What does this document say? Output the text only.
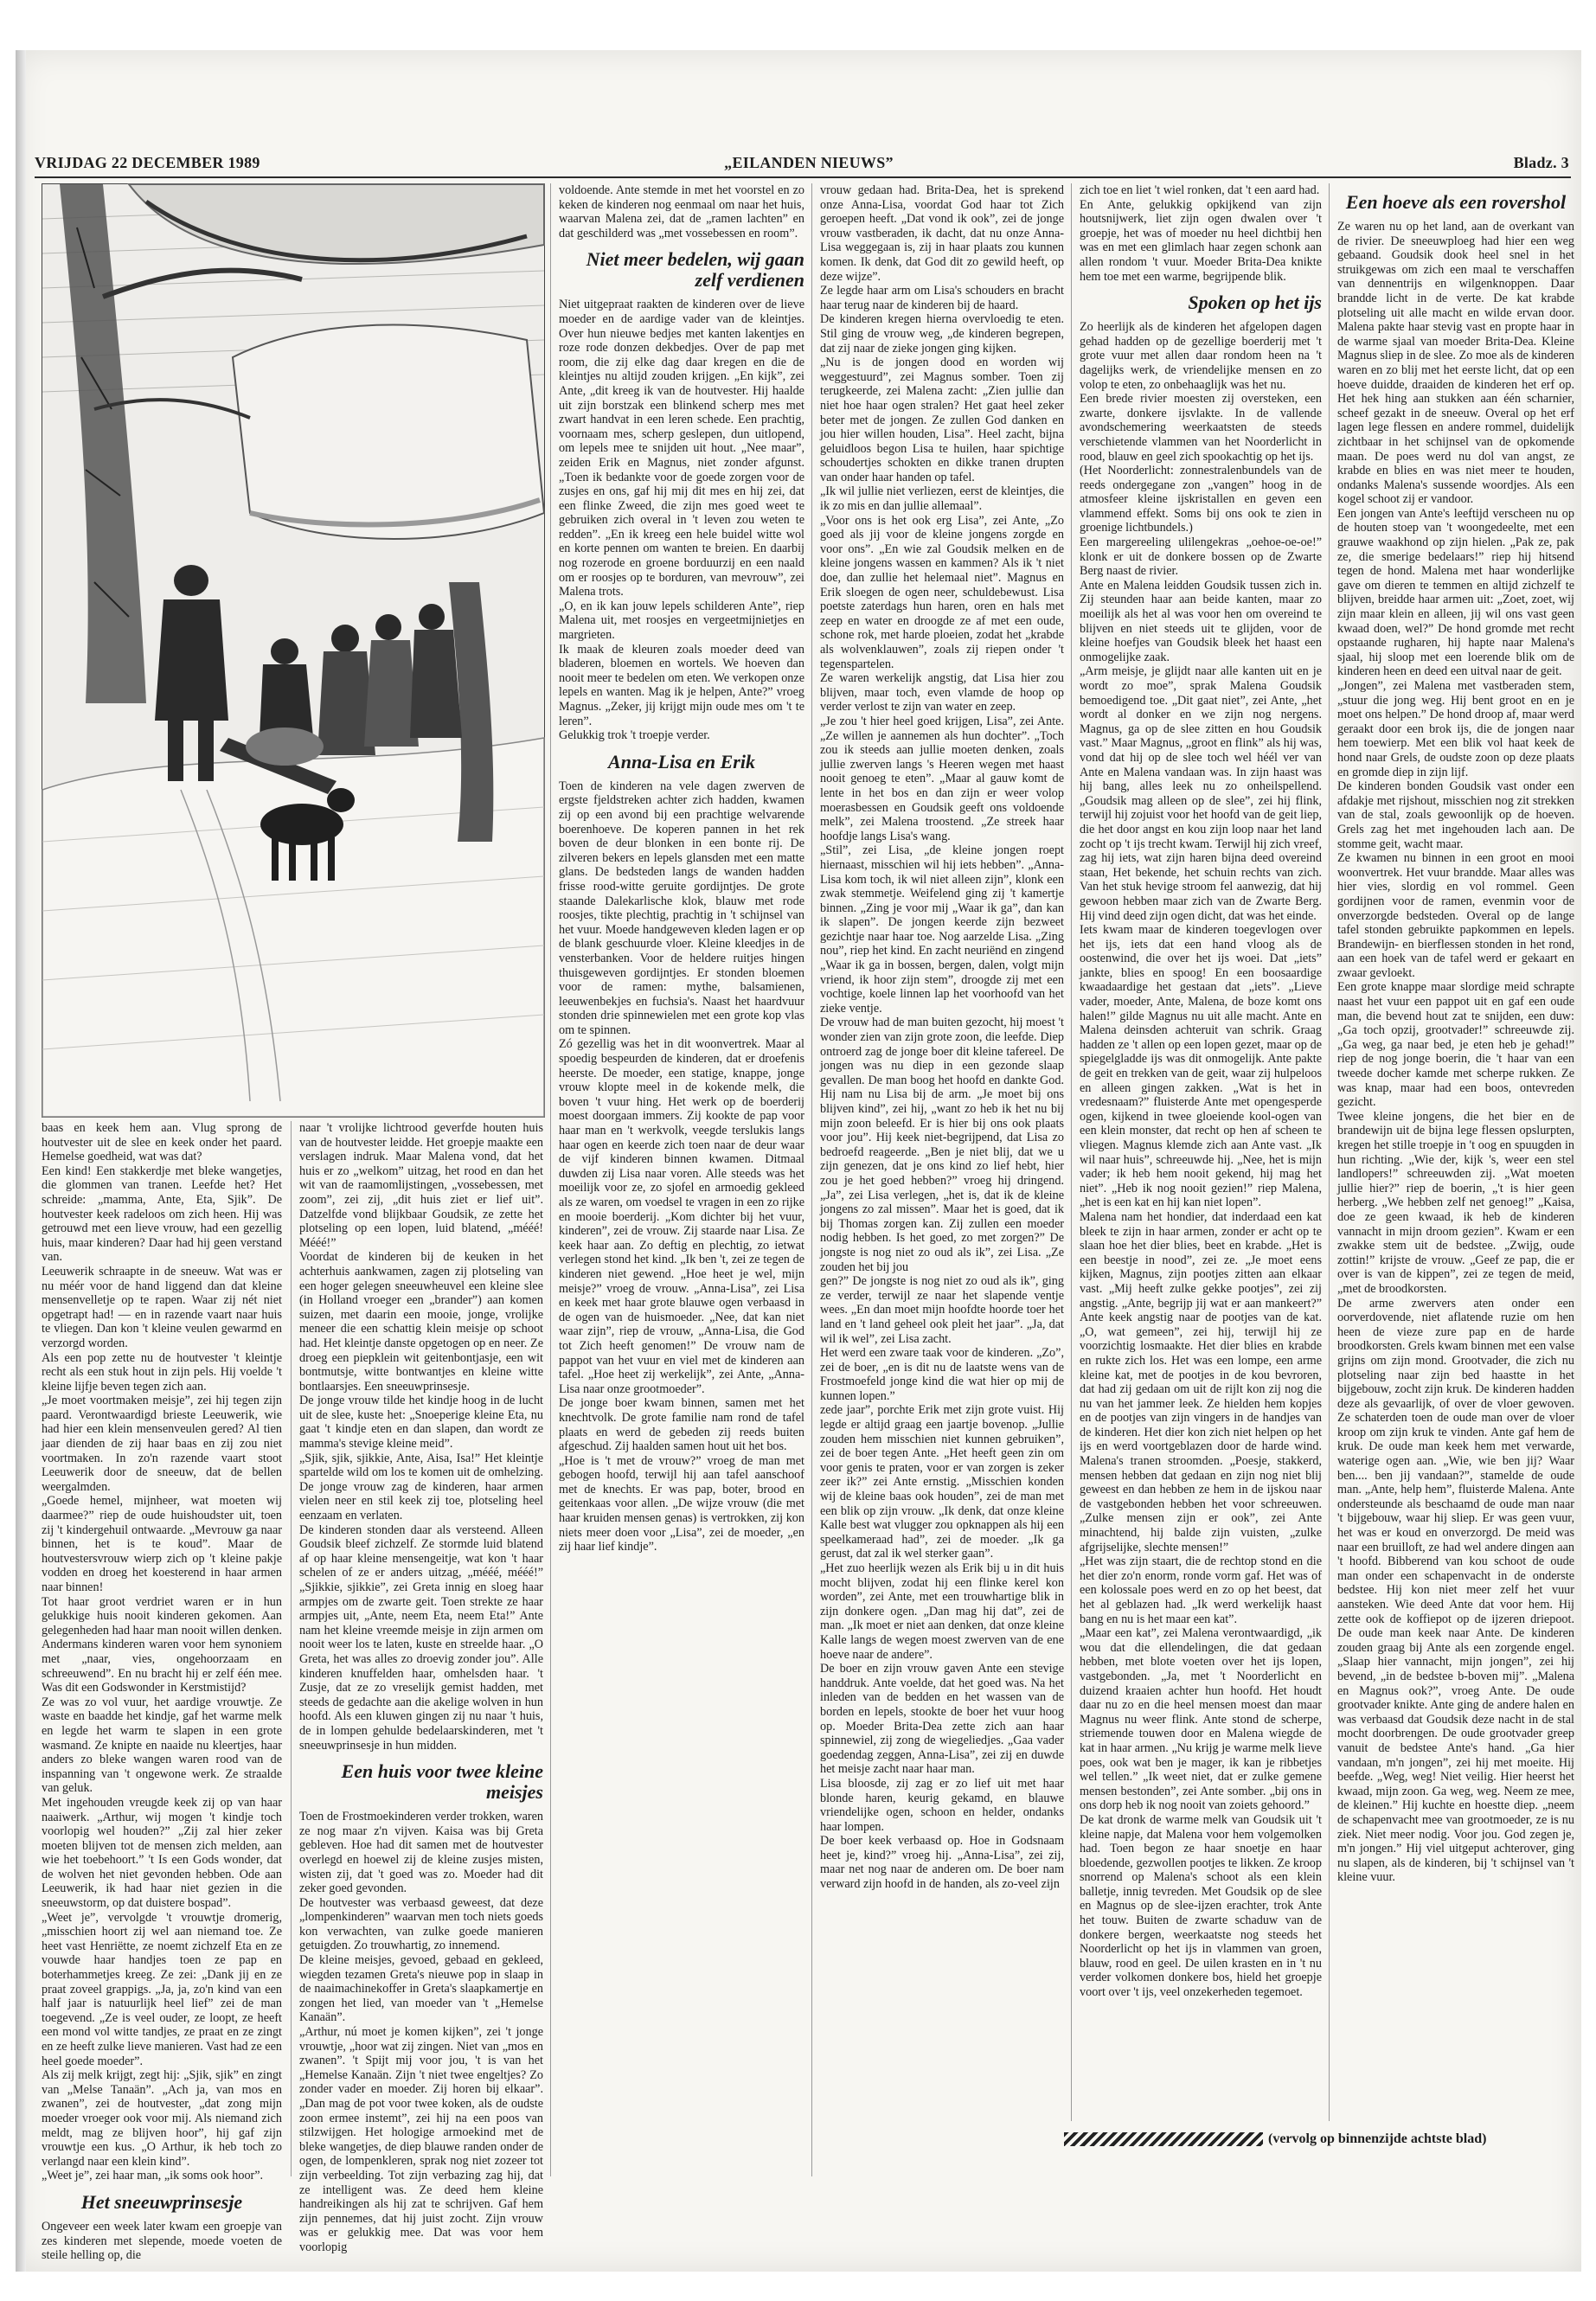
VRIJDAG 22 DECEMBER 1989	„EILANDEN NIEUWS”	Bladz. 3

baas en keek hem aan. Vlug sprong de houtvester uit de slee en keek onder het paard. Hemelse goedheid, wat was dat?

Een kind! Een stakkerdje met bleke wangetjes, die glommen van tranen. Leefde het? Het schreide: „mamma, Ante, Eta, Sjik”. De houtvester keek radeloos om zich heen. Hij was getrouwd met een lieve vrouw, had een gezellig huis, maar kinderen? Daar had hij geen verstand van.

Leeuwerik schraapte in de sneeuw. Wat was er nu méér voor de hand liggend dan dat kleine mensenvelletje op te rapen. Waar zij nét niet opgetrapt had! — en in razende vaart naar huis te vliegen. Dan kon 't kleine veulen gewarmd en verzorgd worden.

Als een pop zette nu de houtvester 't kleintje recht als een stuk hout in zijn pels. Hij voelde 't kleine lijfje beven tegen zich aan.

„Je moet voortmaken meisje”, zei hij tegen zijn paard. Verontwaardigd brieste Leeuwerik, wie had hier een klein mensenveulen gered? Al tien jaar dienden de zij haar baas en zij zou niet voortmaken. In zo'n razende vaart stoot Leeuwerik door de sneeuw, dat de bellen weergalmden.

„Goede hemel, mijnheer, wat moeten wij daarmee?” riep de oude huishoudster uit, toen zij 't kindergehuil ontwaarde. „Mevrouw ga naar binnen, het is te koud”. Maar de houtvestersvrouw wierp zich op 't kleine pakje vodden en droeg het koesterend in haar armen naar binnen!

Tot haar groot verdriet waren er in hun gelukkige huis nooit kinderen gekomen. Aan gelegenheden had haar man nooit willen denken. Andermans kinderen waren voor hem synoniem met „naar, vies, ongehoorzaam en schreeuwend”. En nu bracht hij er zelf één mee. Was dit een Godswonder in Kerstmistijd?

Ze was zo vol vuur, het aardige vrouwtje. Ze waste en baadde het kindje, gaf het warme melk en legde het warm te slapen in een grote wasmand. Ze knipte en naaide nu kleertjes, haar anders zo bleke wangen waren rood van de inspanning van 't ongewone werk. Ze straalde van geluk.

Met ingehouden vreugde keek zij op van haar naaiwerk. „Arthur, wij mogen 't kindje toch voorlopig wel houden?” „Zij zal hier zeker moeten blijven tot de mensen zich melden, aan wie het toebehoort.” 't Is een Gods wonder, dat de wolven het niet gevonden hebben. Ode aan Leeuwerik, ik had haar niet gezien in die sneeuwstorm, op dat duistere bospad”.

„Weet je”, vervolgde 't vrouwtje dromerig, „misschien hoort zij wel aan niemand toe. Ze heet vast Henriëtte, ze noemt zichzelf Eta en ze vouwde haar handjes toen ze pap en boterhammetjes kreeg. Ze zei: „Dank jij en ze praat zoveel grappigs. „Ja, ja, zo'n kind van een half jaar is natuurlijk heel lief” zei de man toegevend. „Ze is veel ouder, ze loopt, ze heeft een mond vol witte tandjes, ze praat en ze zingt en ze heeft zulke lieve manieren. Vast had ze een heel goede moeder”.

Als zij melk krijgt, zegt hij: „Sjik, sjik” en zingt van „Melse Tanaän”. „Ach ja, van mos en zwanen”, zei de houtvester, „dat zong mijn moeder vroeger ook voor mij. Als niemand zich meldt, mag ze blijven hoor”, hij gaf zijn vrouwtje een kus. „O Arthur, ik heb toch zo verlangd naar een klein kind”.

„Weet je”, zei haar man, „ik soms ook hoor”.

Het sneeuwprinsesje

Ongeveer een week later kwam een groepje van zes kinderen met slepende, moede voeten de steile helling op, die

naar 't vrolijke lichtrood geverfde houten huis van de houtvester leidde. Het groepje maakte een verslagen indruk. Maar Malena vond, dat het huis er zo „welkom” uitzag, het rood en dan het wit van de raamomlijstingen, „vossebessen, met zoom”, zei zij, „dit huis ziet er lief uit”. Datzelfde vond blijkbaar Goudsik, ze zette het plotseling op een lopen, luid blatend, „mééé! Mééé!”

Voordat de kinderen bij de keuken in het achterhuis aankwamen, zagen zij plotseling van een hoger gelegen sneeuwheuvel een kleine slee (in Holland vroeger een „brander”) aan komen suizen, met daarin een mooie, jonge, vrolijke meneer die een schattig klein meisje op schoot had. Het kleintje danste opgetogen op en neer. Ze droeg een piepklein wit geitenbontjasje, een wit bontmutsje, witte bontwantjes en kleine witte bontlaarsjes. Een sneeuwprinsesje.

De jonge vrouw tilde het kindje hoog in de lucht uit de slee, kuste het: „Snoeperige kleine Eta, nu gaat 't kindje eten en dan slapen, dan wordt ze mamma's stevige kleine meid”.

„Sjik, sjik, sjikkie, Ante, Aisa, Isa!” Het kleintje spartelde wild om los te komen uit de omhelzing. De jonge vrouw zag de kinderen, haar armen vielen neer en stil keek zij toe, plotseling heel eenzaam en verlaten.

De kinderen stonden daar als versteend. Alleen Goudsik bleef zichzelf. Ze stormde luid blatend af op haar kleine mensengeitje, wat kon 't haar schelen of ze er anders uitzag, „mééé, mééé!” „Sjikkie, sjikkie”, zei Greta innig en sloeg haar armpjes om de zwarte geit. Toen strekte ze haar armpjes uit, „Ante, neem Eta, neem Eta!” Ante nam het kleine vreemde meisje in zijn armen om nooit weer los te laten, kuste en streelde haar. „O Greta, het was alles zo droevig zonder jou”. Alle kinderen knuffelden haar, omhelsden haar. 't Zusje, dat ze zo vreselijk gemist hadden, met steeds de gedachte aan die akelige wolven in hun hoofd. Als een kluwen gingen zij nu naar 't huis, de in lompen gehulde bedelaarskinderen, met 't sneeuwprinsesje in hun midden.

Een huis voor twee kleine meisjes

Toen de Frostmoekinderen verder trokken, waren ze nog maar z'n vijven. Kaisa was bij Greta gebleven. Hoe had dit samen met de houtvester overlegd en hoewel zij de kleine zusjes misten, wisten zij, dat 't goed was zo. Moeder had dit zeker goed gevonden.

De houtvester was verbaasd geweest, dat deze „lompenkinderen” waarvan men toch niets goeds kon verwachten, van zulke goede manieren getuigden. Zo trouwhartig, zo innemend.

De kleine meisjes, gevoed, gebaad en gekleed, wiegden tezamen Greta's nieuwe pop in slaap in de naaimachinekoffer in Greta's slaapkamertje en zongen het lied, van moeder van 't „Hemelse Kanaän”.

„Arthur, nú moet je komen kijken”, zei 't jonge vrouwtje, „hoor wat zij zingen. Niet van „mos en zwanen”. 't Spijt mij voor jou, 't is van het „Hemelse Kanaän. Zijn 't niet twee engeltjes? Zo zonder vader en moeder. Zij horen bij elkaar”. „Dan mag de pot voor twee koken, als de oudste zoon ermee instemt”, zei hij na een poos van stilzwijgen. Het hologige armoekind met de bleke wangetjes, de diep blauwe randen onder de ogen, de lompenkleren, sprak nog niet zozeer tot zijn verbeelding. Tot zijn verbazing zag hij, dat ze intelligent was. Ze deed hem kleine handreikingen als hij zat te schrijven. Gaf hem zijn pennemes, dat hij juist zocht. Zijn vrouw was er gelukkig mee. Dat was voor hem voorlopig

voldoende. Ante stemde in met het voorstel en zo keken de kinderen nog eenmaal om naar het huis, waarvan Malena zei, dat de „ramen lachten” en dat geschilderd was „met vossebessen en room”.

Niet meer bedelen, wij gaan zelf verdienen

Niet uitgepraat raakten de kinderen over de lieve moeder en de aardige vader van de kleintjes. Over hun nieuwe bedjes met kanten lakentjes en roze rode donzen dekbedjes. Over de pap met room, die zij elke dag daar kregen en die de kleintjes nu altijd zouden krijgen. „En kijk”, zei Ante, „dit kreeg ik van de houtvester. Hij haalde uit zijn borstzak een blinkend scherp mes met zwart handvat in een leren schede. Een prachtig, voornaam mes, scherp geslepen, dun uitlopend, om lepels mee te snijden uit hout. „Nee maar”, zeiden Erik en Magnus, niet zonder afgunst. „Toen ik bedankte voor de goede zorgen voor de zusjes en ons, gaf hij mij dit mes en hij zei, dat een flinke Zweed, die zijn mes goed weet te gebruiken zich overal in 't leven zou weten te redden”. „En ik kreeg een hele buidel witte wol en korte pennen om wanten te breien. En daarbij nog rozerode en groene borduurzij en een naald om er roosjes op te borduren, van mevrouw”, zei Malena trots.

„O, en ik kan jouw lepels schilderen Ante”, riep Malena uit, met roosjes en vergeetmijnietjes en margrieten.

Ik maak de kleuren zoals moeder deed van bladeren, bloemen en wortels. We hoeven dan nooit meer te bedelen om eten. We verkopen onze lepels en wanten. Mag ik je helpen, Ante?” vroeg Magnus. „Zeker, jij krijgt mijn oude mes om 't te leren”.

Gelukkig trok 't troepje verder.

Anna-Lisa en Erik

Toen de kinderen na vele dagen zwerven de ergste fjeldstreken achter zich hadden, kwamen zij op een avond bij een prachtige welvarende boerenhoeve. De koperen pannen in het rek boven de deur blonken in een bonte rij. De zilveren bekers en lepels glansden met een matte glans. De bedsteden langs de wanden hadden frisse rood-witte geruite gordijntjes. De grote staande Dalekarlische klok, blauw met rode roosjes, tikte plechtig, prachtig in 't schijnsel van het vuur. Moede handgeweven kleden lagen er op de blank geschuurde vloer. Kleine kleedjes in de vensterbanken. Voor de heldere ruitjes hingen thuisgeweven gordijntjes. Er stonden bloemen voor de ramen: mythe, balsamienen, leeuwenbekjes en fuchsia's. Naast het haardvuur stonden drie spinnewielen met een grote kop vlas om te spinnen.

Zó gezellig was het in dit woonvertrek. Maar al spoedig bespeurden de kinderen, dat er droefenis heerste. De moeder, een statige, knappe, jonge vrouw klopte meel in de kokende melk, die boven 't vuur hing. Het werk op de boerderij moest doorgaan immers. Zij kookte de pap voor haar man en 't werkvolk, veegde terslukis langs haar ogen en keerde zich toen naar de deur waar de vijf kinderen binnen kwamen. Ditmaal duwden zij Lisa naar voren. Alle steeds was het moeilijk voor ze, zo sjofel en armoedig gekleed als ze waren, om voedsel te vragen in een zo rijke en mooie boerderij. „Kom dichter bij het vuur, kinderen”, zei de vrouw. Zij staarde naar Lisa. Ze keek haar aan. Zo deftig en plechtig, zo ietwat verlegen stond het kind. „Ik ben 't, zei ze tegen de kinderen niet gewend. „Hoe heet je wel, mijn meisje?” vroeg de vrouw. „Anna-Lisa”, zei Lisa en keek met haar grote blauwe ogen verbaasd in de ogen van de huismoeder. „Nee, dat kan niet waar zijn”, riep de vrouw, „Anna-Lisa, die God tot Zich heeft genomen!” De vrouw nam de pappot van het vuur en viel met de kinderen aan tafel. „Hoe heet zij werkelijk”, zei Ante, „Anna-Lisa naar onze grootmoeder”.

De jonge boer kwam binnen, samen met het knechtvolk. De grote familie nam rond de tafel plaats en werd de gebeden zij reeds buiten afgeschud. Zij haalden samen hout uit het bos.

„Hoe is 't met de vrouw?” vroeg de man met gebogen hoofd, terwijl hij aan tafel aanschoof met de knechts. Er was pap, boter, brood en geitenkaas voor allen. „De wijze vrouw (die met haar kruiden mensen genas) is vertrokken, zij kon niets meer doen voor „Lisa”, zei de moeder, „en zij haar lief kindje”.

vrouw gedaan had. Brita-Dea, het is sprekend onze Anna-Lisa, voordat God haar tot Zich geroepen heeft. „Dat vond ik ook”, zei de jonge vrouw vastberaden, ik dacht, dat nu onze Anna-Lisa weggegaan is, zij in haar plaats zou kunnen komen. Ik denk, dat God dit zo gewild heeft, op deze wijze”.

Ze legde haar arm om Lisa's schouders en bracht haar terug naar de kinderen bij de haard.

De kinderen kregen hierna overvloedig te eten. Stil ging de vrouw weg, „de kinderen begrepen, dat zij naar de zieke jongen ging kijken.

„Nu is de jongen dood en worden wij weggestuurd”, zei Magnus somber. Toen zij terugkeerde, zei Malena zacht: „Zien jullie dan niet hoe haar ogen stralen? Het gaat heel zeker beter met de jongen. Ze zullen God danken en jou hier willen houden, Lisa”. Heel zacht, bijna geluidloos begon Lisa te huilen, haar spichtige schoudertjes schokten en dikke tranen drupten van onder haar handen op tafel.

„Ik wil jullie niet verliezen, eerst de kleintjes, die ik zo mis en dan jullie allemaal”.

„Voor ons is het ook erg Lisa”, zei Ante, „Zo goed als jij voor de kleine jongens zorgde en voor ons”. „En wie zal Goudsik melken en de kleine jongens wassen en kammen? Als ik 't niet doe, dan zullie het helemaal niet”. Magnus en Erik sloegen de ogen neer, schuldebewust. Lisa poetste zaterdags hun haren, oren en hals met zeep en water en droogde ze af met een oude, schone rok, met harde ploeien, zodat het „krabde als wolvenklauwen”, zoals zij riepen onder 't tegenspartelen.

Ze waren werkelijk angstig, dat Lisa hier zou blijven, maar toch, even vlamde de hoop op verder verlost te zijn van water en zeep.

„Je zou 't hier heel goed krijgen, Lisa”, zei Ante. „Ze willen je aannemen als hun dochter”. „Toch zou ik steeds aan jullie moeten denken, zoals jullie zwerven langs 's Heeren wegen met haast nooit genoeg te eten”. „Maar al gauw komt de lente in het bos en dan zijn er weer volop moerasbessen en Goudsik geeft ons voldoende melk”, zei Malena troostend. „Ze streek haar hoofdje langs Lisa's wang.

„Stil”, zei Lisa, „de kleine jongen roept hiernaast, misschien wil hij iets hebben”. „Anna-Lisa kom toch, ik wil niet alleen zijn”, klonk een zwak stemmetje. Weifelend ging zij 't kamertje binnen. „Zing je voor mij „Waar ik ga”, dan kan ik slapen”. De jongen keerde zijn bezweet gezichtje naar haar toe. Nog aarzelde Lisa. „Zing nou”, riep het kind. En zacht neuriënd en zingend „Waar ik ga in bossen, bergen, dalen, volgt mijn vriend, ik hoor zijn stem”, droogde zij met een vochtige, koele linnen lap het voorhoofd van het zieke ventje.

De vrouw had de man buiten gezocht, hij moest 't wonder zien van zijn grote zoon, die leefde. Diep ontroerd zag de jonge boer dit kleine tafereel. De jongen was nu diep in een gezonde slaap gevallen. De man boog het hoofd en dankte God. Hij nam nu Lisa bij de arm. „Je moet bij ons blijven kind”, zei hij, „want zo heb ik het nu bij mijn zoon beleefd. Er is hier bij ons ook plaats voor jou”. Hij keek niet-begrijpend, dat Lisa zo bedroefd reageerde. „Ben je niet blij, dat we u zijn genezen, dat je ons kind zo lief hebt, hier zou je het goed hebben?” vroeg hij dringend. „Ja”, zei Lisa verlegen, „het is, dat ik de kleine jongens zo zal missen”. Maar het is goed, dat ik bij Thomas zorgen kan. Zij zullen een moeder nodig hebben. Is het goed, zo met zorgen?” De jongste is nog niet zo oud als ik”, zei Lisa. „Ze zouden het bij jou

gen?” De jongste is nog niet zo oud als ik”, ging ze verder, terwijl ze naar het slapende ventje wees. „En dan moet mijn hoofdte hoorde toer het land en 't land geheel ook pleit het jaar”. „Ja, dat wil ik wel”, zei Lisa zacht.

Het werd een zware taak voor de kinderen. „Zo”, zei de boer, „en is dit nu de laatste wens van de Frostmoefeld jonge kind die wat hier op mij de kunnen lopen.”

zede jaar”, porchte Erik met zijn grote vuist. Hij legde er altijd graag een jaartje bovenop. „Jullie zouden hem misschien niet kunnen gebruiken”, zei de boer tegen Ante. „Het heeft geen zin om voor genis te praten, voor er van zorgen is zeker zeer ik?” zei Ante ernstig. „Misschien konden wij de kleine baas ook houden”, zei de man met een blik op zijn vrouw. „Ik denk, dat onze kleine Kalle best wat vlugger zou opknappen als hij een speelkameraad had”, zei de moeder. „Ik ga gerust, dat zal ik wel sterker gaan”.

„Het zuo heerlijk wezen als Erik bij u in dit huis mocht blijven, zodat hij een flinke kerel kon worden”, zei Ante, met een trouwhartige blik in zijn donkere ogen. „Dan mag hij dat”, zei de man. „Ik moet er niet aan denken, dat onze kleine Kalle langs de wegen moest zwerven van de ene hoeve naar de andere”.

De boer en zijn vrouw gaven Ante een stevige handdruk. Ante voelde, dat het goed was. Na het inleden van de bedden en het wassen van de borden en lepels, stookte de boer het vuur hoog op. Moeder Brita-Dea zette zich aan haar spinnewiel, zij zong de wiegeliedjes. „Gaa vader goedendag zeggen, Anna-Lisa”, zei zij en duwde het meisje zacht naar haar man.

Lisa bloosde, zij zag er zo lief uit met haar blonde haren, keurig gekamd, en blauwe vriendelijke ogen, schoon en helder, ondanks haar lompen.

De boer keek verbaasd op. Hoe in Godsnaam heet je, kind?” vroeg hij. „Anna-Lisa”, zei zij, maar net nog naar de anderen om. De boer nam verward zijn hoofd in de handen, als zo-veel zijn

zich toe en liet 't wiel ronken, dat 't een aard had.

En Ante, gelukkig opkijkend van zijn houtsnijwerk, liet zijn ogen dwalen over 't groepje, het was of moeder nu heel dichtbij hen was en met een glimlach haar zegen schonk aan allen rondom 't vuur. Moeder Brita-Dea knikte hem toe met een warme, begrijpende blik.

Spoken op het ijs

Zo heerlijk als de kinderen het afgelopen dagen gehad hadden op de gezellige boerderij met 't grote vuur met allen daar rondom heen na 't dagelijks werk, de vriendelijke mensen en zo volop te eten, zo onbehaaglijk was het nu.

Een brede rivier moesten zij oversteken, een zwarte, donkere ijsvlakte. In de vallende avondschemering weerkaatsten de steeds verschietende vlammen van het Noorderlicht in rood, blauw en geel zich spookachtig op het ijs.

(Het Noorderlicht: zonnestralenbundels van de reeds ondergegane zon „vangen” hoog in de atmosfeer kleine ijskristallen en geven een vlammend effekt. Soms bij ons ook te zien in groenige lichtbundels.)

Een margereeling ulilengekras „oehoe-oe-oe!” klonk er uit de donkere bossen op de Zwarte Berg naast de rivier.

Ante en Malena leidden Goudsik tussen zich in. Zij steunden haar aan beide kanten, maar zo moeilijk als het al was voor hen om overeind te blijven en niet steeds uit te glijden, voor de kleine hoefjes van Goudsik bleek het haast een onmogelijke zaak.

„Arm meisje, je glijdt naar alle kanten uit en je wordt zo moe”, sprak Malena Goudsik bemoedigend toe. „Dit gaat niet”, zei Ante, „het wordt al donker en we zijn nog nergens. Magnus, ga op de slee zitten en hou Goudsik vast.” Maar Magnus, „groot en flink” als hij was, vond dat hij op de slee toch wel héél ver van Ante en Malena vandaan was. In zijn haast was hij bang, alles leek nu zo onheilspellend. „Goudsik mag alleen op de slee”, zei hij flink, terwijl hij zojuist voor het hoofd van de geit liep, die het door angst en kou zijn loop naar het land zocht op 't ijs trecht kwam. Terwijl hij zich vreef, zag hij iets, wat zijn haren bijna deed overeind staan, Het bekende, het schuin rechts van zich. Van het stuk hevige stroom fel aanwezig, dat hij gewoon hebben maar zich van de Zwarte Berg. Hij vind deed zijn ogen dicht, dat was het einde.

Iets kwam maar de kinderen toegevlogen over het ijs, iets dat een hand vloog als de oostenwind, die over het ijs woei. Dat „iets” jankte, blies en spoog! En een boosaardige kwaadaardige het gestaan dat „iets”. „Lieve vader, moeder, Ante, Malena, de boze komt ons halen!” gilde Magnus nu uit alle macht. Ante en Malena deinsden achteruit van schrik. Graag hadden ze 't allen op een lopen gezet, maar op de spiegelgladde ijs was dit onmogelijk. Ante pakte de geit en trekken van de geit, waar zij hulpeloos en alleen gingen zakken. „Wat is het in vredesnaam?” fluisterde Ante met opengesperde ogen, kijkend in twee gloeiende kool-ogen van een klein monster, dat recht op hen af scheen te vliegen. Magnus klemde zich aan Ante vast. „Ik wil naar huis”, schreeuwde hij. „Nee, het is mijn vader; ik heb hem nooit gekend, hij mag het niet”. „Heb ik nog nooit gezien!” riep Malena, „het is een kat en hij kan niet lopen”.

Malena nam het hondier, dat inderdaad een kat bleek te zijn in haar armen, zonder er acht op te slaan hoe het dier blies, beet en krabde. „Het is een beestje in nood”, zei ze. „Je moet eens kijken, Magnus, zijn pootjes zitten aan elkaar vast. „Mij heeft zulke gekke pootjes”, zei zij angstig. „Ante, begrijp jij wat er aan mankeert?” Ante keek angstig naar de pootjes van de kat. „O, wat gemeen”, zei hij, terwijl hij ze voorzichtig losmaakte. Het dier blies en krabde en rukte zich los. Het was een lompe, een arme kleine kat, met de pootjes in de kou bevroren, dat had zij gedaan om uit de rijlt kon zij nog die nu van het jammer leek. Ze hielden hem kopjes en de pootjes van zijn vingers in de handjes van de kinderen. Het dier kon zich niet helpen op het ijs en werd voortgeblazen door de harde wind. Malena's tranen stroomden. „Poesje, stakkerd, mensen hebben dat gedaan en zijn nog niet blij geweest en dan hebben ze hem in de ijskou naar de vastgebonden hebben het voor schreeuwen. „Zulke mensen zijn er ook”, zei Ante minachtend, hij balde zijn vuisten, „zulke afgrijselijke, slechte mensen!”

„Het was zijn staart, die de rechtop stond en die het dier zo'n enorm, ronde vorm gaf. Het was of een kolossale poes werd en zo op het beest, dat het al geblazen had. „Ik werd werkelijk haast bang en nu is het maar een kat”.

„Maar een kat”, zei Malena verontwaardigd, „ik wou dat die ellendelingen, die dat gedaan hebben, met blote voeten over het ijs lopen, vastgebonden. „Ja, met 't Noorderlicht en duizend kraaien achter hun hoofd. Het houdt daar nu zo en die heel mensen moest dan maar Magnus nu weer flink. Ante stond de scherpe, striemende touwen door en Malena wiegde de kat in haar armen. „Nu krijg je warme melk lieve poes, ook wat ben je mager, ik kan je ribbetjes wel tellen.” „Ik weet niet, dat er zulke gemene mensen bestonden”, zei Ante somber. „bij ons in ons dorp heb ik nog nooit van zoiets gehoord.”

De kat dronk de warme melk van Goudsik uit 't kleine napje, dat Malena voor hem volgemolken had. Toen begon ze haar snoetje en haar bloedende, gezwollen pootjes te likken. Ze kroop snorrend op Malena's schoot als een klein balletje, innig tevreden. Met Goudsik op de slee en Magnus op de slee-ijzen erachter, trok Ante het touw. Buiten de zwarte schaduw van de donkere bergen, weerkaatste nog steeds het Noorderlicht op het ijs in vlammen van groen, blauw, rood en geel. De uilen krasten en in 't nu verder volkomen donkere bos, hield het groepje voort over 't ijs, veel onzekerheden tegemoet.

Een hoeve als een rovershol

Ze waren nu op het land, aan de overkant van de rivier. De sneeuwploeg had hier een weg gebaand. Goudsik dook heel snel in het struikgewas om zich een maal te verschaffen van dennentrijs en wilgenknoppen. Daar brandde licht in de verte. De kat krabde plotseling uit alle macht en wilde ervan door. Malena pakte haar stevig vast en propte haar in de warme sjaal van moeder Brita-Dea. Kleine Magnus sliep in de slee. Zo moe als de kinderen waren en zo blij met het eerste licht, dat op een hoeve duidde, draaiden de kinderen het erf op. Het hek hing aan stukken aan één scharnier, scheef gezakt in de sneeuw. Overal op het erf lagen lege flessen en andere rommel, duidelijk zichtbaar in het schijnsel van de opkomende maan. De poes werd nu dol van angst, ze krabde en blies en was niet meer te houden, ondanks Malena's sussende woordjes. Als een kogel schoot zij er vandoor.

Een jongen van Ante's leeftijd verscheen nu op de houten stoep van 't woongedeelte, met een grauwe waakhond op zijn hielen. „Pak ze, pak ze, die smerige bedelaars!” riep hij hitsend tegen de hond. Malena met haar wonderlijke gave om dieren te temmen en altijd zichzelf te blijven, breidde haar armen uit: „Zoet, zoet, wij zijn maar klein en alleen, jij wil ons vast geen kwaad doen, wel?” De hond gromde met recht opstaande rugharen, hij hapte naar Malena's sjaal, hij sloop met een loerende blik om de kinderen heen en deed een uitval naar de geit.

„Jongen”, zei Malena met vastberaden stem, „stuur die jong weg. Hij bent groot en en je moet ons helpen.” De hond droop af, maar werd geraakt door een brok ijs, die de jongen naar hem toewierp. Met een blik vol haat keek de hond naar Grels, de oudste zoon op deze plaats en gromde diep in zijn lijf.

De kinderen bonden Goudsik vast onder een afdakje met rijshout, misschien nog zit strekken van de stal, zoals gewoonlijk op de hoeven. Grels zag het met ingehouden lach aan. De stomme geit, wacht maar.

Ze kwamen nu binnen in een groot en mooi woonvertrek. Het vuur brandde. Maar alles was hier vies, slordig en vol rommel. Geen gordijnen voor de ramen, evenmin voor de onverzorgde bedsteden. Overal op de lange tafel stonden gebruikte papkommen en lepels. Brandewijn- en bierflessen stonden in het rond, aan een hoek van de tafel werd er gekaart en zwaar gevloekt.

Een grote knappe maar slordige meid schrapte naast het vuur een pappot uit en gaf een oude man, die bevend hout zat te snijden, een duw: „Ga toch opzij, grootvader!” schreeuwde zij. „Ga weg, ga naar bed, je eten heb je gehad!” riep de nog jonge boerin, die 't haar van een tweede docher kamde met scherpe rukken. Ze was knap, maar had een boos, ontevreden gezicht.

Twee kleine jongens, die het bier en de brandewijn uit de bijna lege flessen opslurpten, kregen het stille troepje in 't oog en spuugden in hun richting. „Wie der, kijk 's, weer een stel landlopers!” schreeuwden zij. „Wat moeten jullie hier?” riep de boerin, „'t is hier geen herberg. „We hebben zelf net genoeg!” „Kaisa, doe ze geen kwaad, ik heb de kinderen vannacht in mijn droom gezien”. Kwam er een zwakke stem uit de bedstee. „Zwijg, oude zottin!” krijste de vrouw. „Geef ze pap, die er over is van de kippen”, zei ze tegen de meid, „met de broodkorsten.

De arme zwervers aten onder een oorverdovende, niet aflatende ruzie om hen heen de vieze zure pap en de harde broodkorsten. Grels kwam binnen met een valse grijns om zijn mond. Grootvader, die zich nu plotseling naar zijn bed haastte in het bijgebouw, zocht zijn kruk. De kinderen hadden deze als gevaarlijk, of over de vloer gewoven. Ze schaterden toen de oude man over de vloer kroop om zijn kruk te vinden. Ante gaf hem de kruk. De oude man keek hem met verwarde, waterige ogen aan. „Wie, wie ben jij? Waar ben.... ben jij vandaan?”, stamelde de oude man. „Ante, help hem”, fluisterde Malena. Ante ondersteunde als beschaamd de oude man naar 't bijgebouw, waar hij sliep. Er was geen vuur, het was er koud en onverzorgd. De meid was naar een bruilloft, ze had wel andere dingen aan 't hoofd. Bibberend van kou schoot de oude man onder een schapenvacht in de onderste bedstee. Hij kon niet meer zelf het vuur aansteken. Wie deed Ante dat voor hem. Hij zette ook de koffiepot op de ijzeren driepoot. De oude man keek naar Ante. De kinderen zouden graag bij Ante als een zorgende engel. „Slaap hier vannacht, mijn jongen”, zei hij bevend, „in de bedstee b-boven mij”. „Malena en Magnus ook?”, vroeg Ante. De oude grootvader knikte. Ante ging de andere halen en was verbaasd dat Goudsik deze nacht in de stal mocht doorbrengen. De oude grootvader greep vanuit de bedstee Ante's hand. „Ga hier vandaan, m'n jongen”, zei hij met moeite. Hij beefde. „Weg, weg! Niet veilig. Hier heerst het kwaad, mijn zoon. Ga weg, weg. Neem ze mee, de kleinen.” Hij kuchte en hoestte diep. „neem de schapenvacht mee van grootmoeder, ze is nu ziek. Niet meer nodig. Voor jou. God zegen je, m'n jongen.” Hij viel uitgeput achterover, ging nu slapen, als de kinderen, bij 't schijnsel van 't kleine vuur.

(vervolg op binnenzijde achtste blad)
